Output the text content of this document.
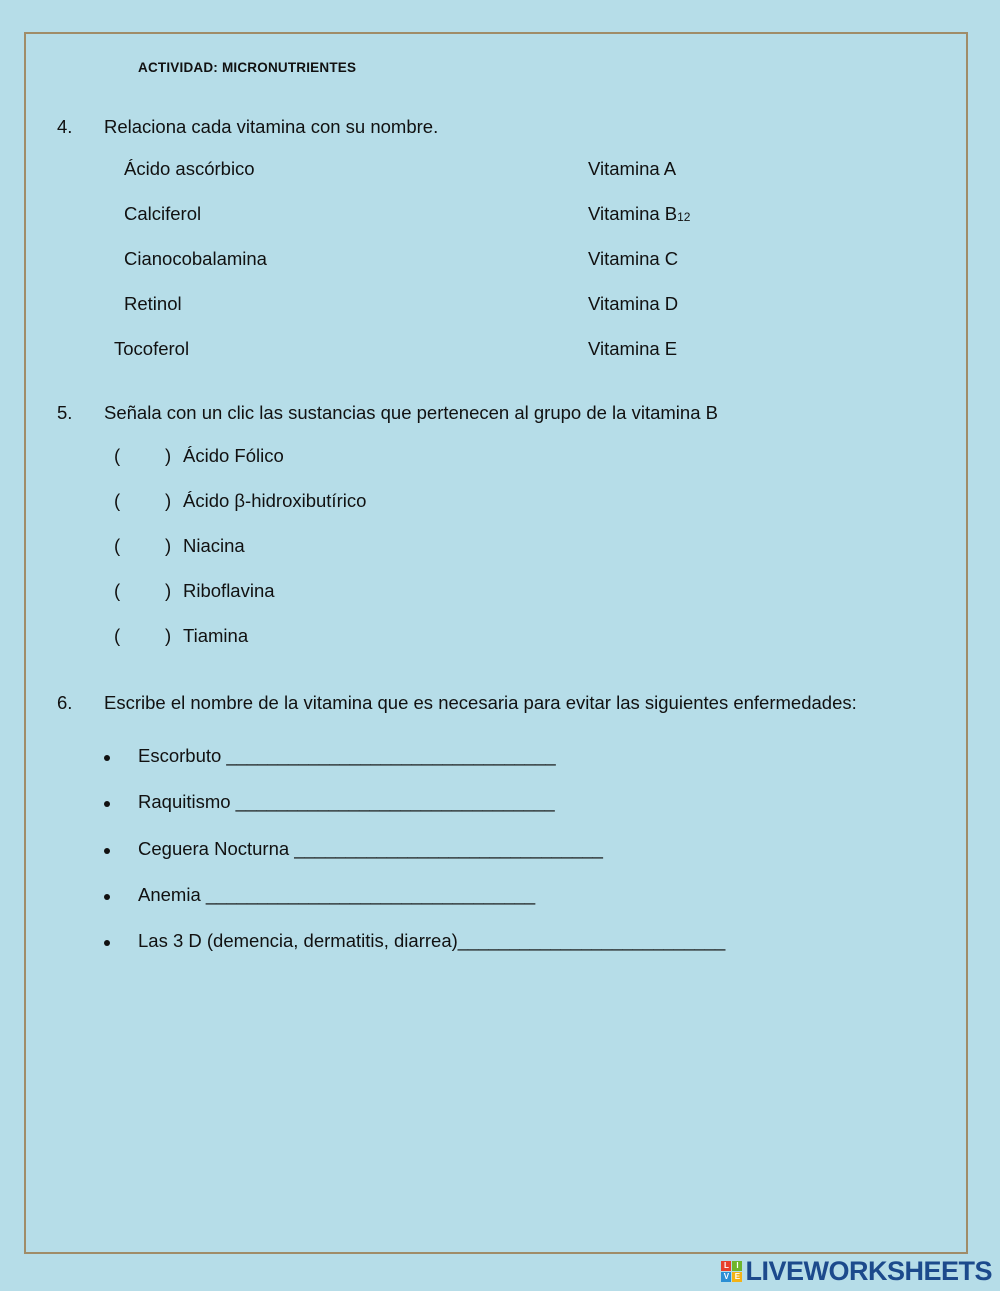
ACTIVIDAD: MICRONUTRIENTES
4. Relaciona cada vitamina con su nombre.
Ácido ascórbico
Calciferol
Cianocobalamina
Retinol
Tocoferol
Vitamina A
Vitamina $B_{12}$
Vitamina C
Vitamina D
Vitamina E
5. Señala con un clic las sustancias que pertenecen al grupo de la vitamina B
( ) Ácido Fólico
( ) Ácido β-hidroxibutírico
( ) Niacina
( ) Riboflavina
( ) Tiamina
6. Escribe el nombre de la vitamina que es necesaria para evitar las siguientes enfermedades:
Escorbuto ________________________________
Raquitismo _______________________________
Ceguera Nocturna ______________________________
Anemia ________________________________
Las 3 D (demencia, dermatitis, diarrea)__________________________
L I
V E LIVEWORKSHEETS
